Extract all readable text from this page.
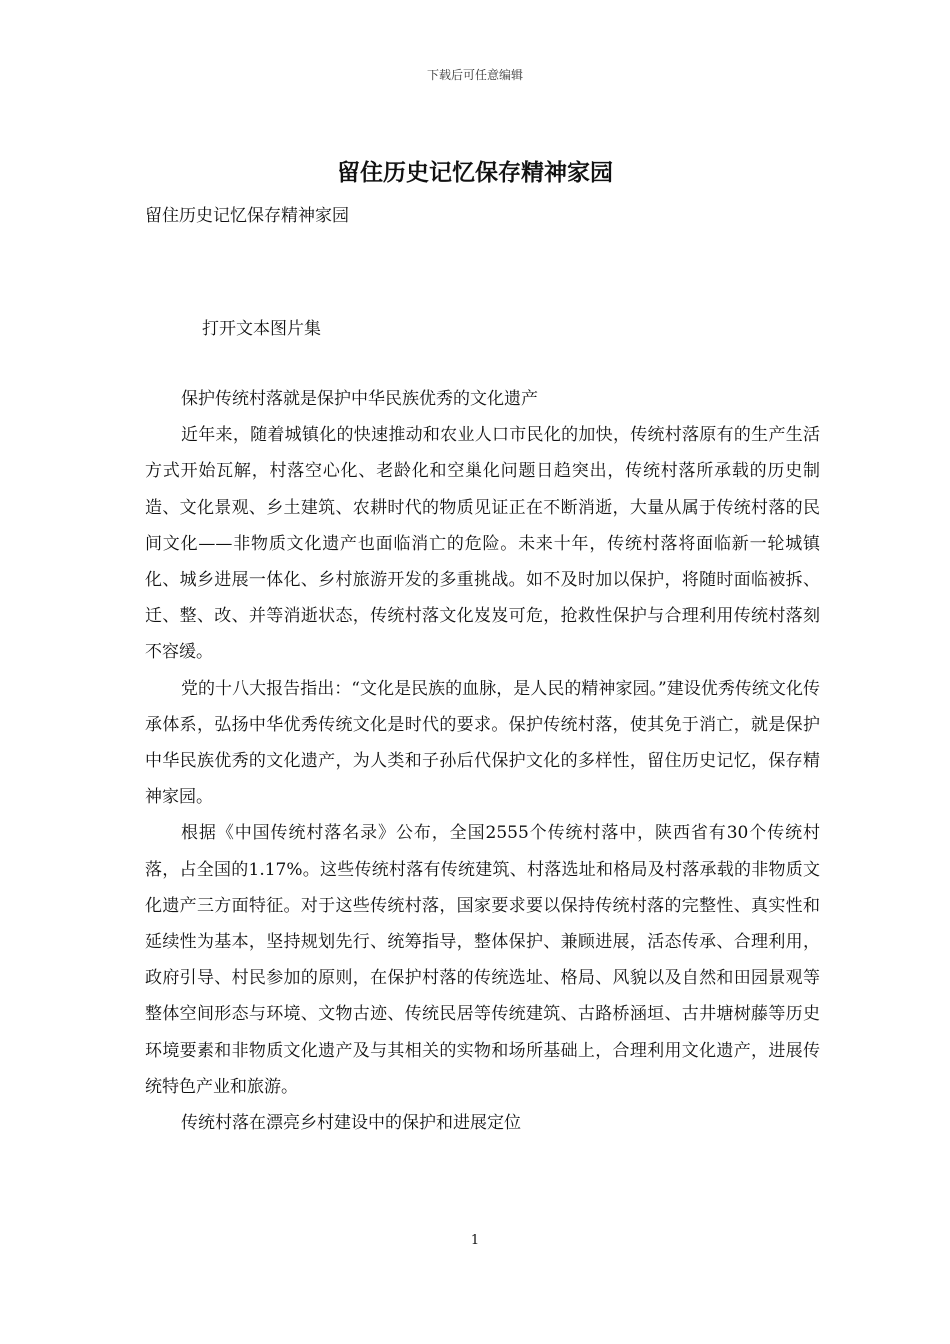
下载后可任意编辑
留住历史记忆保存精神家园

留住历史记忆保存精神家园

打开文本图片集

保护传统村落就是保护中华民族优秀的文化遗产

近年来，随着城镇化的快速推动和农业人口市民化的加快，传统村落原有的生产生活方式开始瓦解，村落空心化、老龄化和空巢化问题日趋突出，传统村落所承载的历史制造、文化景观、乡土建筑、农耕时代的物质见证正在不断消逝，大量从属于传统村落的民间文化——非物质文化遗产也面临消亡的危险。未来十年，传统村落将面临新一轮城镇化、城乡进展一体化、乡村旅游开发的多重挑战。如不及时加以保护，将随时面临被拆、迁、整、改、并等消逝状态，传统村落文化岌岌可危，抢救性保护与合理利用传统村落刻不容缓。

党的十八大报告指出：“文化是民族的血脉，是人民的精神家园。”建设优秀传统文化传承体系，弘扬中华优秀传统文化是时代的要求。保护传统村落，使其免于消亡，就是保护中华民族优秀的文化遗产，为人类和子孙后代保护文化的多样性，留住历史记忆，保存精神家园。

根据《中国传统村落名录》公布，全国2555个传统村落中，陕西省有30个传统村落，占全国的1.17%。这些传统村落有传统建筑、村落选址和格局及村落承载的非物质文化遗产三方面特征。对于这些传统村落，国家要求要以保持传统村落的完整性、真实性和延续性为基本，坚持规划先行、统筹指导，整体保护、兼顾进展，活态传承、合理利用，政府引导、村民参加的原则，在保护村落的传统选址、格局、风貌以及自然和田园景观等整体空间形态与环境、文物古迹、传统民居等传统建筑、古路桥涵垣、古井塘树藤等历史环境要素和非物质文化遗产及与其相关的实物和场所基础上，合理利用文化遗产，进展传统特色产业和旅游。

传统村落在漂亮乡村建设中的保护和进展定位

1
